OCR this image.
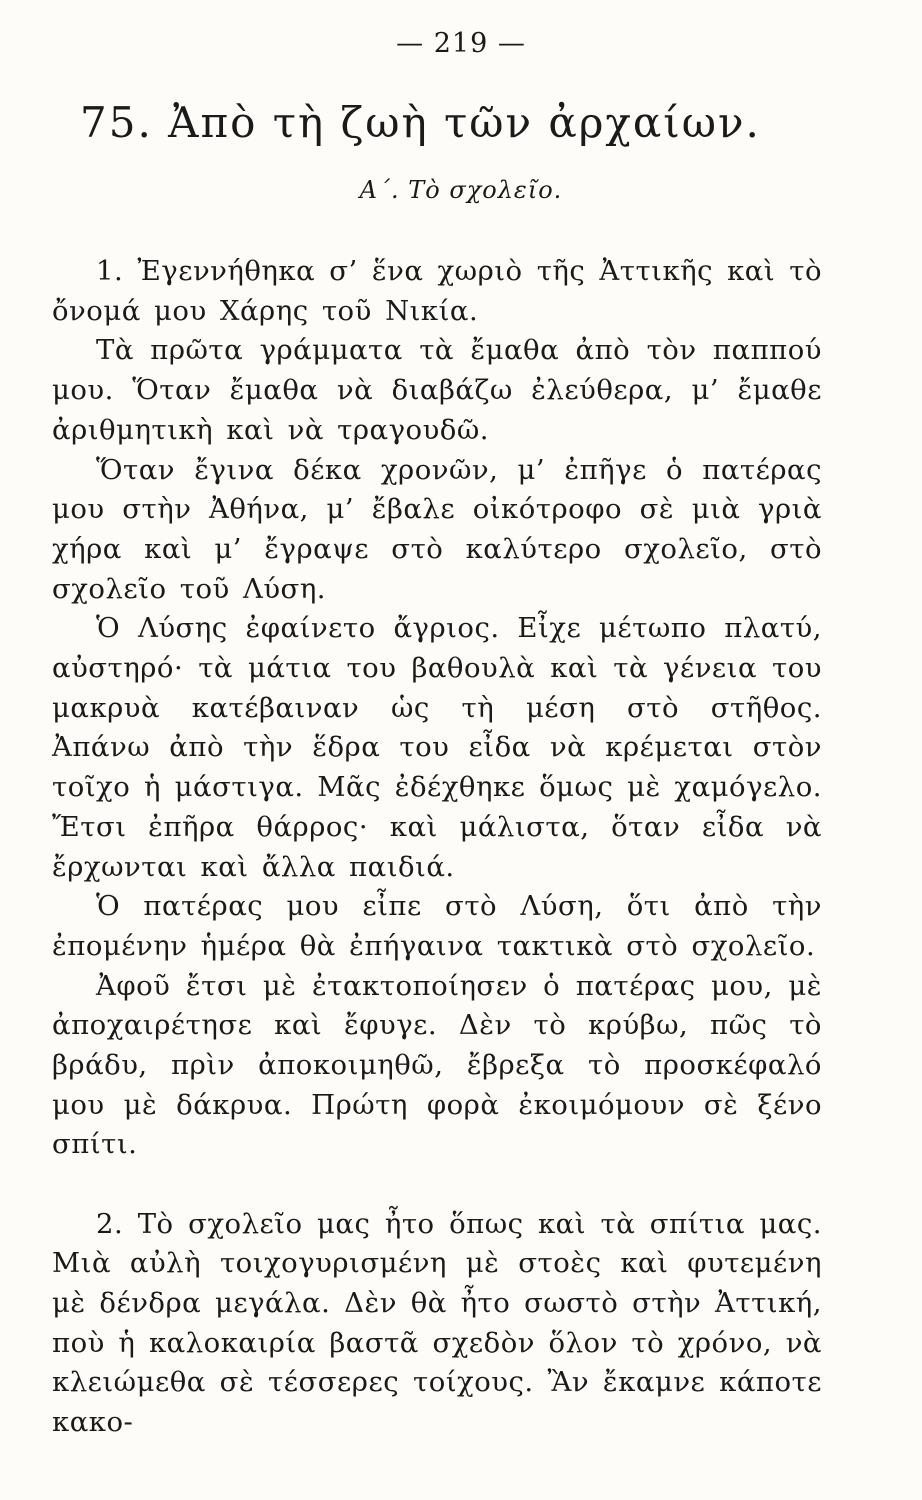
— 219 —
75. Ἀπὸ τὴ ζωὴ τῶν ἀρχαίων.
Α΄. Τὸ σχολεῖο.

1. Ἐγεννήθηκα σ’ ἕνα χωριὸ τῆς Ἀττικῆς καὶ τὸ ὄνομά μου Χάρης τοῦ Νικία.

Τὰ πρῶτα γράμματα τὰ ἔμαθα ἀπὸ τὸν παππού μου. Ὅταν ἔμαθα νὰ διαβάζω ἐλεύθερα, μ’ ἔμαθε ἀριθμητικὴ καὶ νὰ τραγουδῶ.

Ὅταν ἔγινα δέκα χρονῶν, μ’ ἐπῆγε ὁ πατέρας μου στὴν Ἀθήνα, μ’ ἔβαλε οἰκότροφο σὲ μιὰ γριὰ χήρα καὶ μ’ ἔγραψε στὸ καλύτερο σχολεῖο, στὸ σχολεῖο τοῦ Λύση.

Ὁ Λύσης ἐφαίνετο ἄγριος. Εἶχε μέτωπο πλατύ, αὐστηρό· τὰ μάτια του βαθουλὰ καὶ τὰ γένεια του μακρυὰ κατέβαιναν ὡς τὴ μέση στὸ στῆθος. Ἀπάνω ἀπὸ τὴν ἕδρα του εἶδα νὰ κρέμεται στὸν τοῖχο ἡ μάστιγα. Μᾶς ἐδέχθηκε ὅμως μὲ χαμόγελο. Ἔτσι ἐπῆρα θάρρος· καὶ μάλιστα, ὅταν εἶδα νὰ ἔρχωνται καὶ ἄλλα παιδιά.

Ὁ πατέρας μου εἶπε στὸ Λύση, ὅτι ἀπὸ τὴν ἐπομένην ἡμέρα θὰ ἐπήγαινα τακτικὰ στὸ σχολεῖο.

Ἀφοῦ ἔτσι μὲ ἐτακτοποίησεν ὁ πατέρας μου, μὲ ἀποχαιρέτησε καὶ ἔφυγε. Δὲν τὸ κρύβω, πῶς τὸ βράδυ, πρὶν ἀποκοιμηθῶ, ἔβρεξα τὸ προσκέφαλό μου μὲ δάκρυα. Πρώτη φορὰ ἐκοιμόμουν σὲ ξένο σπίτι.

2. Τὸ σχολεῖο μας ἦτο ὅπως καὶ τὰ σπίτια μας. Μιὰ αὐλὴ τοιχογυρισμένη μὲ στοὲς καὶ φυτεμένη μὲ δένδρα μεγάλα. Δὲν θὰ ἦτο σωστὸ στὴν Ἀττική, ποὺ ἡ καλοκαιρία βαστᾶ σχεδὸν ὅλον τὸ χρόνο, νὰ κλειώμεθα σὲ τέσσερες τοίχους. Ἂν ἔκαμνε κάποτε κακο-
